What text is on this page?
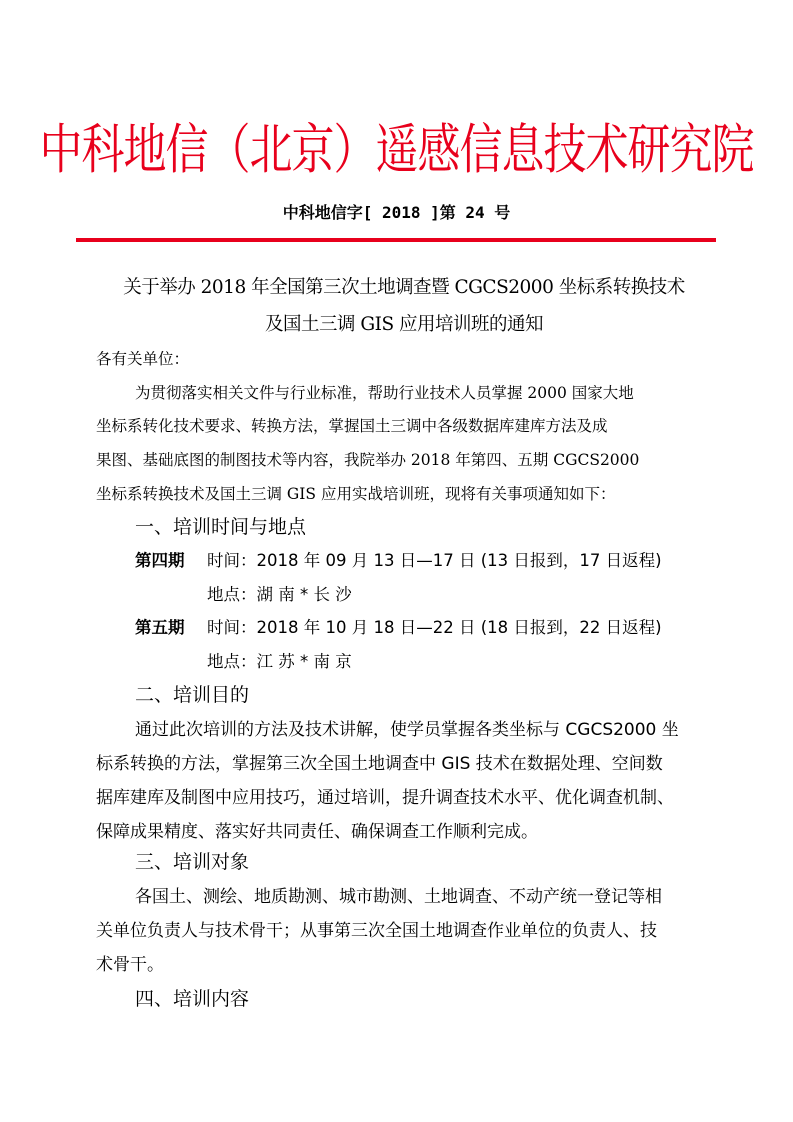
中科地信（北京）遥感信息技术研究院
中科地信字[ 2018 ]第 24 号
关于举办 2018 年全国第三次土地调查暨 CGCS2000 坐标系转换技术
及国土三调 GIS 应用培训班的通知
各有关单位：
为贯彻落实相关文件与行业标准，帮助行业技术人员掌握 2000 国家大地
坐标系转化技术要求、转换方法，掌握国土三调中各级数据库建库方法及成
果图、基础底图的制图技术等内容，我院举办 2018 年第四、五期 CGCS2000
坐标系转换技术及国土三调 GIS 应用实战培训班，现将有关事项通知如下：
一、培训时间与地点
第四期 时间：2018 年 09 月 13 日—17 日 (13 日报到，17 日返程)
地点：湖 南 * 长 沙
第五期 时间：2018 年 10 月 18 日—22 日 (18 日报到，22 日返程)
地点：江 苏 * 南 京
二、培训目的
通过此次培训的方法及技术讲解，使学员掌握各类坐标与 CGCS2000 坐
标系转换的方法，掌握第三次全国土地调查中 GIS 技术在数据处理、空间数
据库建库及制图中应用技巧，通过培训，提升调查技术水平、优化调查机制、
保障成果精度、落实好共同责任、确保调查工作顺利完成。
三、培训对象
各国土、测绘、地质勘测、城市勘测、土地调查、不动产统一登记等相
关单位负责人与技术骨干；从事第三次全国土地调查作业单位的负责人、技
术骨干。
四、培训内容
